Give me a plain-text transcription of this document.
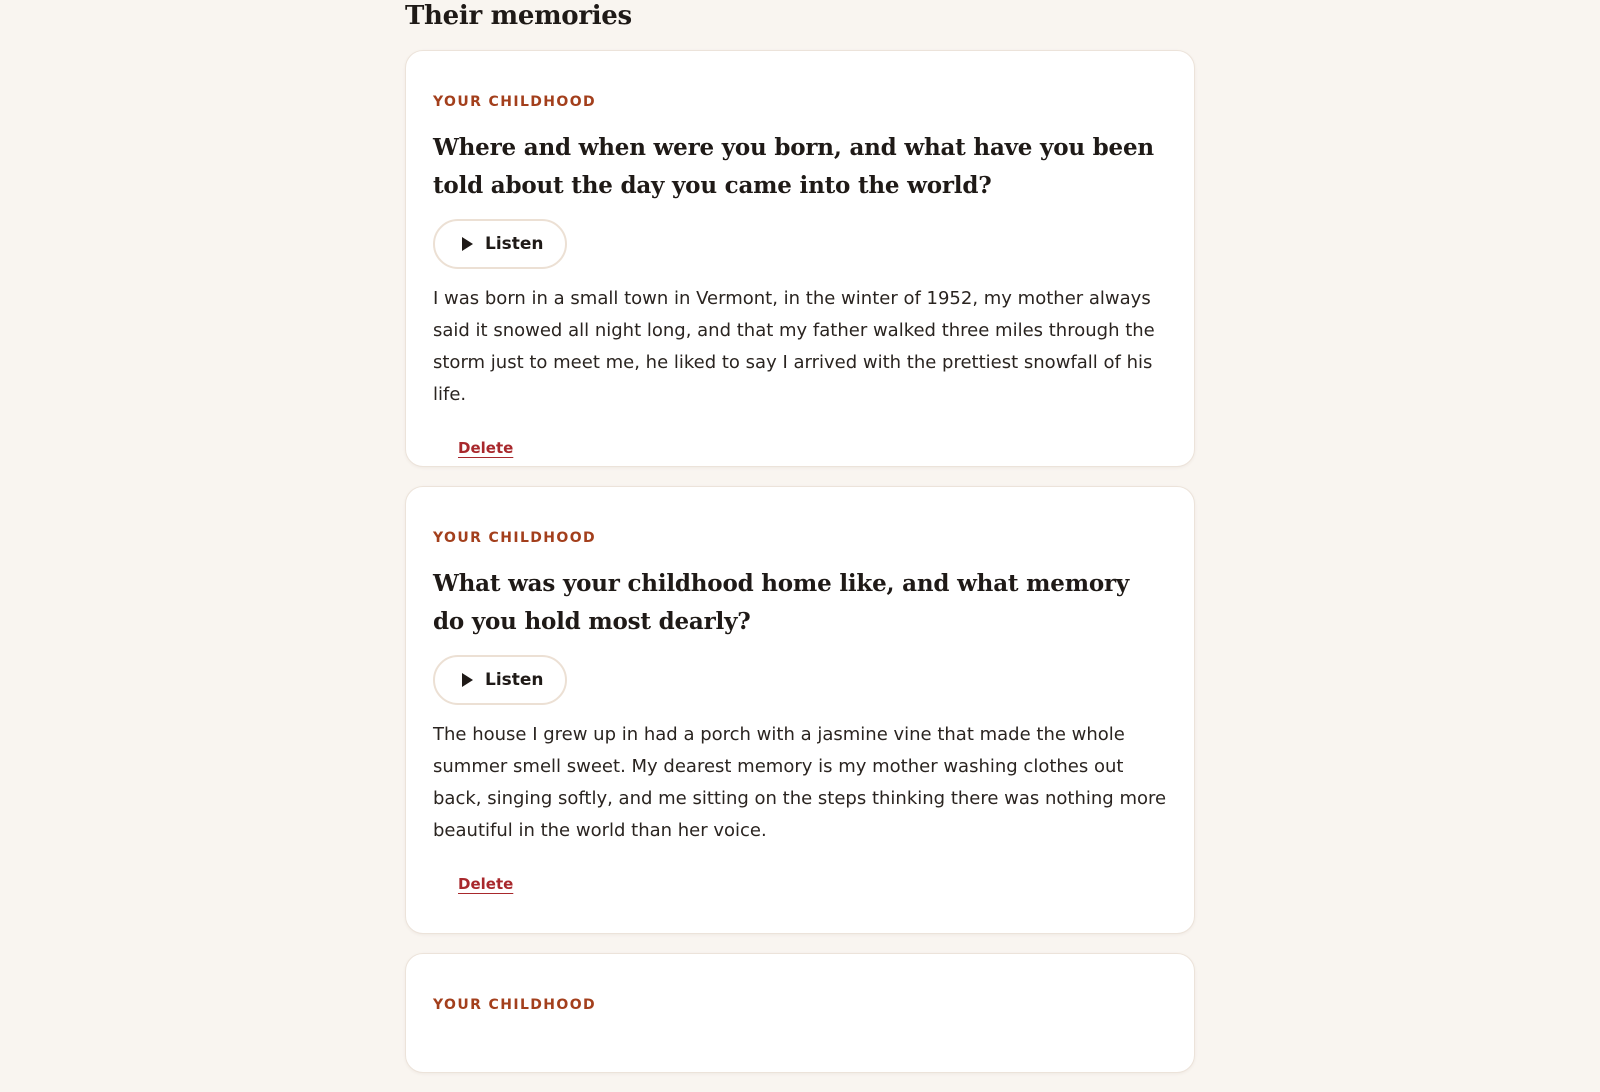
Their memories
YOUR CHILDHOOD
Where and when were you born, and what have you been told about the day you came into the world?
Listen

I was born in a small town in Vermont, in the winter of 1952, my mother always said it snowed all night long, and that my father walked three miles through the storm just to meet me, he liked to say I arrived with the prettiest snowfall of his life.

Delete
YOUR CHILDHOOD
What was your childhood home like, and what memory do you hold most dearly?
Listen

The house I grew up in had a porch with a jasmine vine that made the whole summer smell sweet. My dearest memory is my mother washing clothes out back, singing softly, and me sitting on the steps thinking there was nothing more beautiful in the world than her voice.

Delete
YOUR CHILDHOOD
